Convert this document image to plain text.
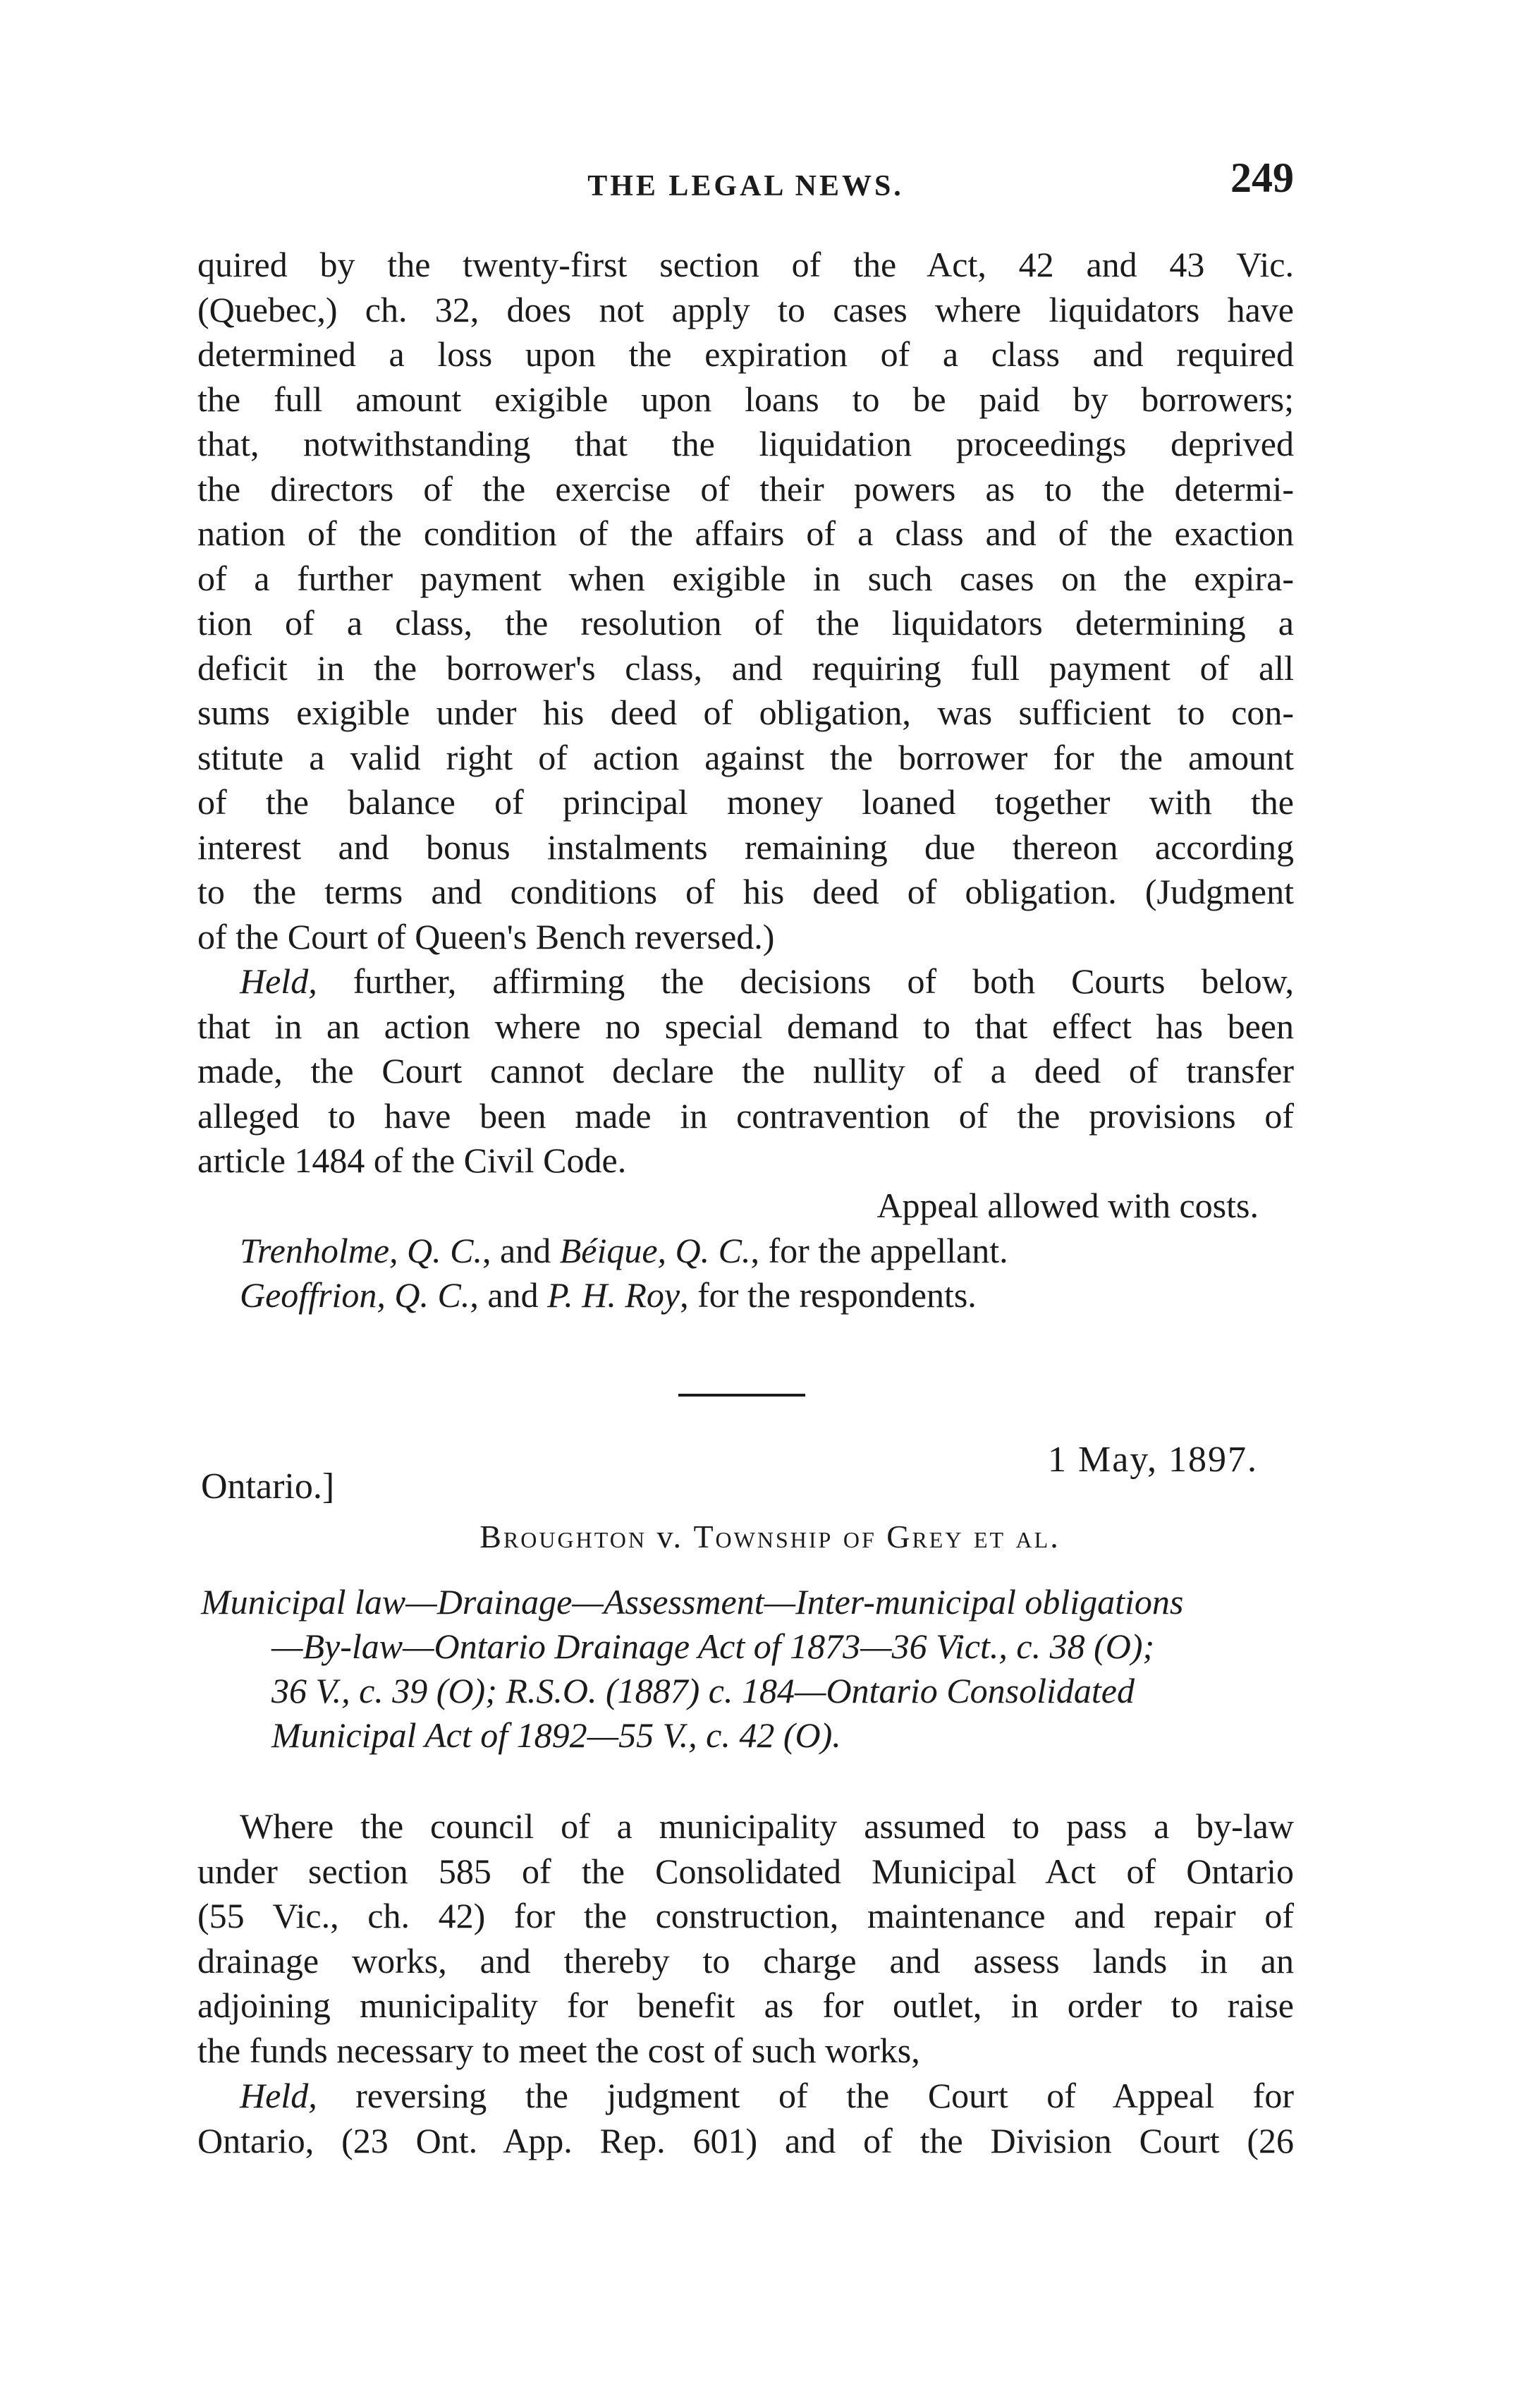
THE LEGAL NEWS.	249

quired by the twenty-first section of the Act, 42 and 43 Vic.
(Quebec,) ch. 32, does not apply to cases where liquidators have
determined a loss upon the expiration of a class and required
the full amount exigible upon loans to be paid by borrowers;
that, notwithstanding that the liquidation proceedings deprived
the directors of the exercise of their powers as to the determi-
nation of the condition of the affairs of a class and of the exaction
of a further payment when exigible in such cases on the expira-
tion of a class, the resolution of the liquidators determining a
deficit in the borrower's class, and requiring full payment of all
sums exigible under his deed of obligation, was sufficient to con-
stitute a valid right of action against the borrower for the amount
of the balance of principal money loaned together with the
interest and bonus instalments remaining due thereon according
to the terms and conditions of his deed of obligation. (Judgment
of the Court of Queen's Bench reversed.)

Held, further, affirming the decisions of both Courts below,
that in an action where no special demand to that effect has been
made, the Court cannot declare the nullity of a deed of transfer
alleged to have been made in contravention of the provisions of
article 1484 of the Civil Code.

Appeal allowed with costs.

Trenholme, Q. C., and Béique, Q. C., for the appellant.

Geoffrion, Q. C., and P. H. Roy, for the respondents.

1 May, 1897.
Ontario.]
Broughton v. Township of Grey et al.
Municipal law—Drainage—Assessment—Inter-municipal obligations
—By-law—Ontario Drainage Act of 1873—36 Vict., c. 38 (O);
36 V., c. 39 (O); R.S.O. (1887) c. 184—Ontario Consolidated
Municipal Act of 1892—55 V., c. 42 (O).

Where the council of a municipality assumed to pass a by-law
under section 585 of the Consolidated Municipal Act of Ontario
(55 Vic., ch. 42) for the construction, maintenance and repair of
drainage works, and thereby to charge and assess lands in an
adjoining municipality for benefit as for outlet, in order to raise
the funds necessary to meet the cost of such works,

Held, reversing the judgment of the Court of Appeal for
Ontario, (23 Ont. App. Rep. 601) and of the Division Court (26
